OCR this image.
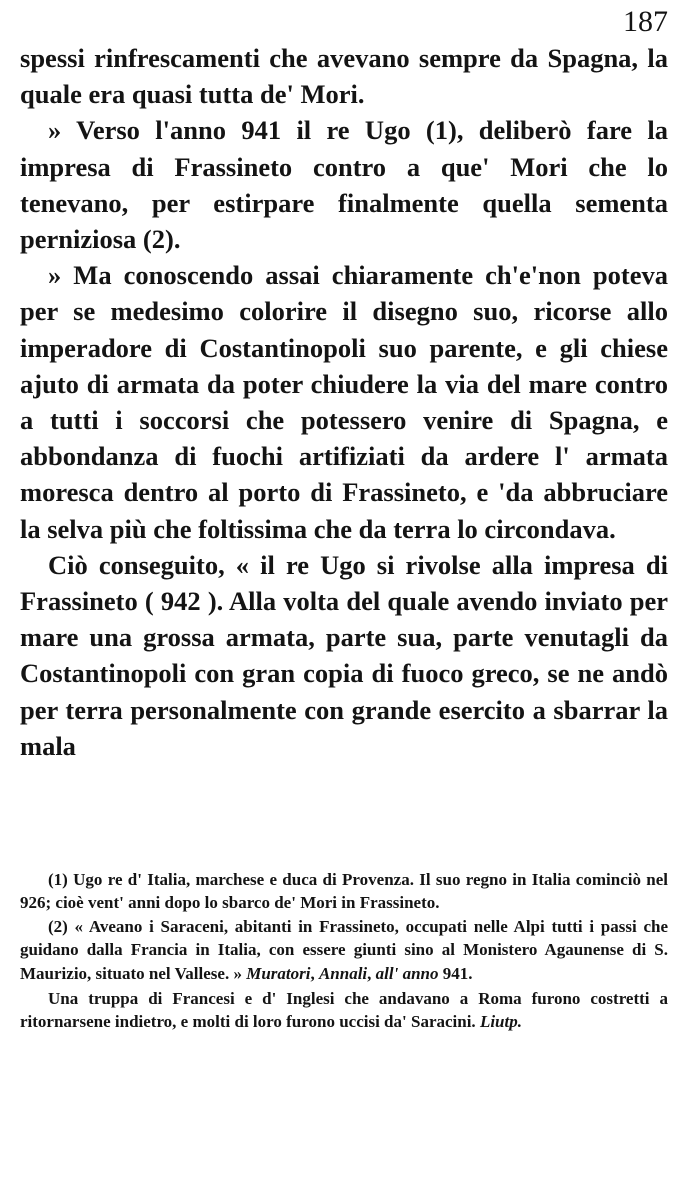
187

spessi rinfrescamenti che avevano sempre da Spagna, la quale era quasi tutta de' Mori.

» Verso l'anno 941 il re Ugo (1), deliberò fare la impresa di Frassineto contro a que' Mori che lo tenevano, per estirpare finalmente quella sementa perniziosa (2).

» Ma conoscendo assai chiaramente ch'e'non poteva per se medesimo colorire il disegno suo, ricorse allo imperadore di Costantinopoli suo parente, e gli chiese ajuto di armata da poter chiudere la via del mare contro a tutti i soccorsi che potessero venire di Spagna, e abbondanza di fuochi artifiziati da ardere l' armata moresca dentro al porto di Frassineto, e 'da abbruciare la selva più che foltissima che da terra lo circondava.

Ciò conseguito, « il re Ugo si rivolse alla impresa di Frassineto ( 942 ). Alla volta del quale avendo inviato per mare una grossa armata, parte sua, parte venutagli da Costantinopoli con gran copia di fuoco greco, se ne andò per terra personalmente con grande esercito a sbarrar la mala

(1) Ugo re d' Italia, marchese e duca di Provenza. Il suo regno in Italia cominciò nel 926; cioè vent' anni dopo lo sbarco de' Mori in Frassineto.

(2) « Aveano i Saraceni, abitanti in Frassineto, occupati nelle Alpi tutti i passi che guidano dalla Francia in Italia, con essere giunti sino al Monistero Agaunense di S. Maurizio, situato nel Vallese. » Muratori, Annali, all' anno 941.

Una truppa di Francesi e d' Inglesi che andavano a Roma furono costretti a ritornarsene indietro, e molti di loro furono uccisi da' Saracini. Liutp.
